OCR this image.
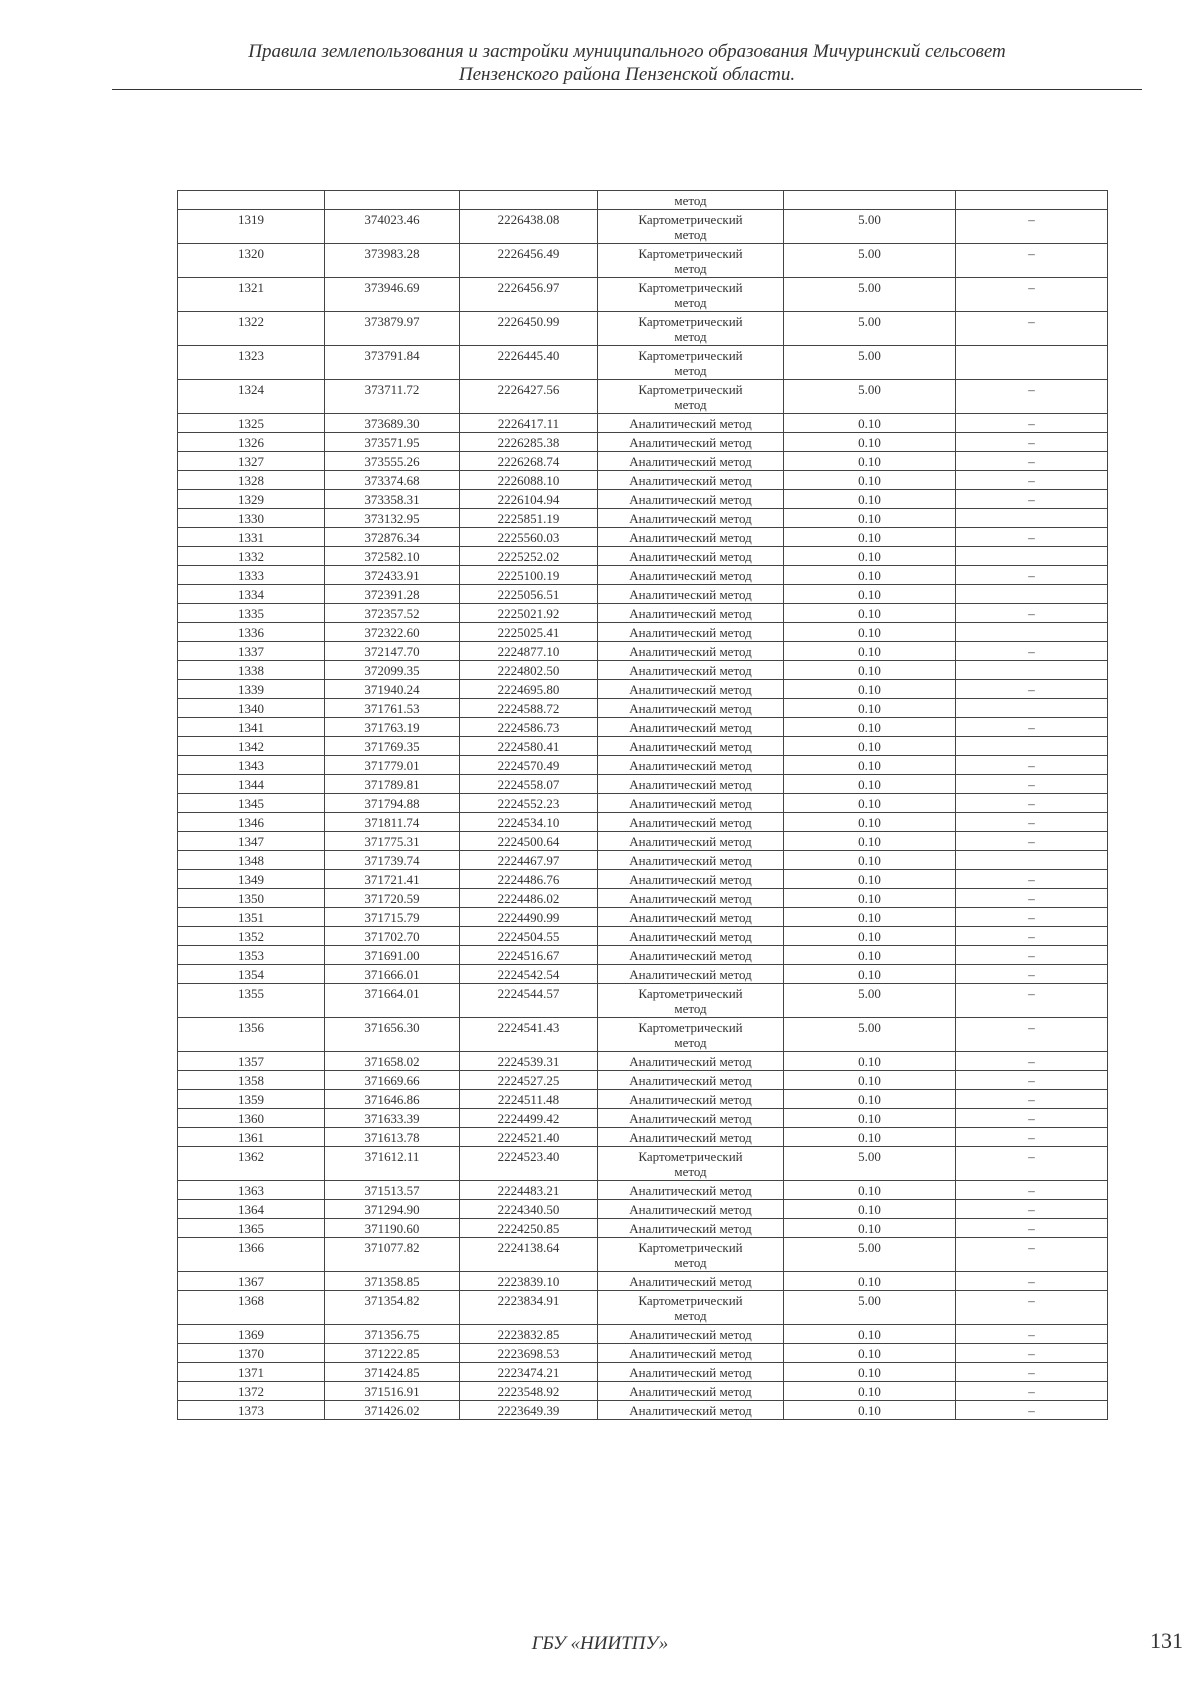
Правила землепользования и застройки муниципального образования Мичуринский сельсовет
Пензенского района Пензенской области.
			метод		
1319	374023.46	2226438.08	Картометрический
метод	5.00	–
1320	373983.28	2226456.49	Картометрический
метод	5.00	–
1321	373946.69	2226456.97	Картометрический
метод	5.00	–
1322	373879.97	2226450.99	Картометрический
метод	5.00	–
1323	373791.84	2226445.40	Картометрический
метод	5.00	
1324	373711.72	2226427.56	Картометрический
метод	5.00	–
1325	373689.30	2226417.11	Аналитический метод	0.10	–
1326	373571.95	2226285.38	Аналитический метод	0.10	–
1327	373555.26	2226268.74	Аналитический метод	0.10	–
1328	373374.68	2226088.10	Аналитический метод	0.10	–
1329	373358.31	2226104.94	Аналитический метод	0.10	–
1330	373132.95	2225851.19	Аналитический метод	0.10	
1331	372876.34	2225560.03	Аналитический метод	0.10	–
1332	372582.10	2225252.02	Аналитический метод	0.10	
1333	372433.91	2225100.19	Аналитический метод	0.10	–
1334	372391.28	2225056.51	Аналитический метод	0.10	
1335	372357.52	2225021.92	Аналитический метод	0.10	–
1336	372322.60	2225025.41	Аналитический метод	0.10	
1337	372147.70	2224877.10	Аналитический метод	0.10	–
1338	372099.35	2224802.50	Аналитический метод	0.10	
1339	371940.24	2224695.80	Аналитический метод	0.10	–
1340	371761.53	2224588.72	Аналитический метод	0.10	
1341	371763.19	2224586.73	Аналитический метод	0.10	–
1342	371769.35	2224580.41	Аналитический метод	0.10	
1343	371779.01	2224570.49	Аналитический метод	0.10	–
1344	371789.81	2224558.07	Аналитический метод	0.10	–
1345	371794.88	2224552.23	Аналитический метод	0.10	–
1346	371811.74	2224534.10	Аналитический метод	0.10	–
1347	371775.31	2224500.64	Аналитический метод	0.10	–
1348	371739.74	2224467.97	Аналитический метод	0.10	
1349	371721.41	2224486.76	Аналитический метод	0.10	–
1350	371720.59	2224486.02	Аналитический метод	0.10	–
1351	371715.79	2224490.99	Аналитический метод	0.10	–
1352	371702.70	2224504.55	Аналитический метод	0.10	–
1353	371691.00	2224516.67	Аналитический метод	0.10	–
1354	371666.01	2224542.54	Аналитический метод	0.10	–
1355	371664.01	2224544.57	Картометрический
метод	5.00	–
1356	371656.30	2224541.43	Картометрический
метод	5.00	–
1357	371658.02	2224539.31	Аналитический метод	0.10	–
1358	371669.66	2224527.25	Аналитический метод	0.10	–
1359	371646.86	2224511.48	Аналитический метод	0.10	–
1360	371633.39	2224499.42	Аналитический метод	0.10	–
1361	371613.78	2224521.40	Аналитический метод	0.10	–
1362	371612.11	2224523.40	Картометрический
метод	5.00	–
1363	371513.57	2224483.21	Аналитический метод	0.10	–
1364	371294.90	2224340.50	Аналитический метод	0.10	–
1365	371190.60	2224250.85	Аналитический метод	0.10	–
1366	371077.82	2224138.64	Картометрический
метод	5.00	–
1367	371358.85	2223839.10	Аналитический метод	0.10	–
1368	371354.82	2223834.91	Картометрический
метод	5.00	–
1369	371356.75	2223832.85	Аналитический метод	0.10	–
1370	371222.85	2223698.53	Аналитический метод	0.10	–
1371	371424.85	2223474.21	Аналитический метод	0.10	–
1372	371516.91	2223548.92	Аналитический метод	0.10	–
1373	371426.02	2223649.39	Аналитический метод	0.10	–
ГБУ «НИИТПУ»	131
